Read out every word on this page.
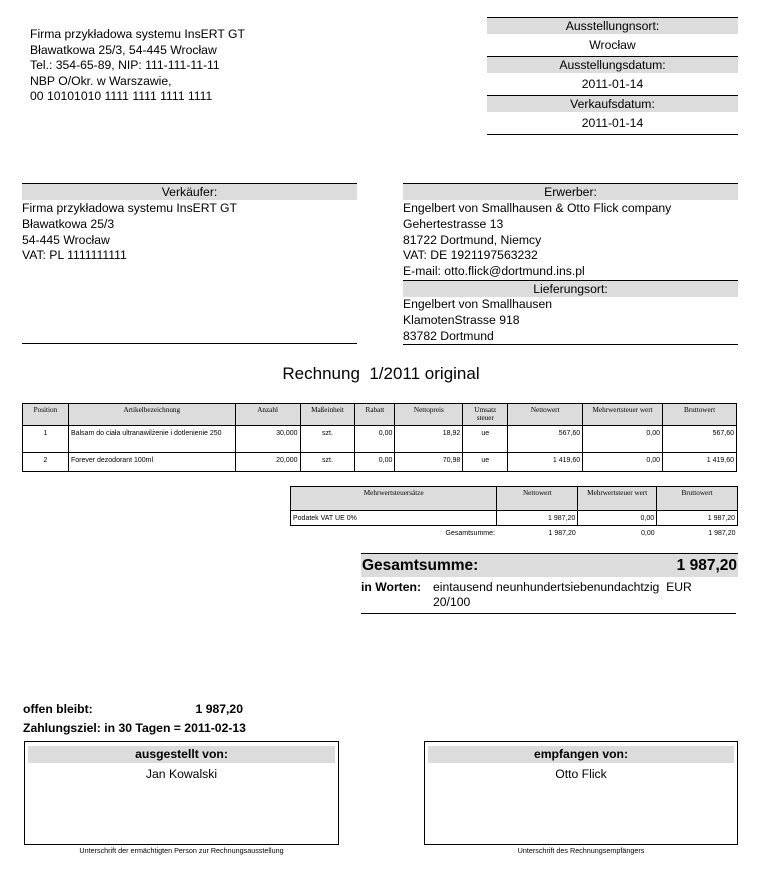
Firma przykładowa systemu InsERT GT
Bławatkowa 25/3, 54-445 Wrocław
Tel.: 354-65-89, NIP: 111-111-11-11
NBP O/Okr. w Warszawie,
00 10101010 1111 1111 1111 1111
Ausstellungnsort:
Wrocław
Ausstellungsdatum:
2011-01-14
Verkaufsdatum:
2011-01-14
Verkäufer:
Firma przykładowa systemu InsERT GT
Bławatkowa 25/3
54-445 Wrocław
VAT: PL 1111111111
Erwerber:
Engelbert von Smallhausen & Otto Flick company
Gehertestrasse 13
81722 Dortmund, Niemcy
VAT: DE 1921197563232
E-mail: otto.flick@dortmund.ins.pl
Lieferungsort:
Engelbert von Smallhausen
KlamotenStrasse 918
83782 Dortmund
Rechnung  1/2011 original
Position	Artikelbezeichnung	Anzahl	Maßeinheit	Rabatt	Nettopreis	Umsatz steuer	Nettowert	Mehrwertsteuer wert	Bruttowert
1	Balsam do ciała ultranawilżenie i dotlenienie 250	30,000	szt.	0,00	18,92	ue	567,60	0,00	567,60
2	Forever dezodorant 100ml	20,000	szt.	0,00	70,98	ue	1 419,60	0,00	1 419,60
Mehrwertsteuersätze	Nettowert	Mehrwertsteuer wert	Bruttowert
Podatek VAT UE 0%	1 987,20	0,00	1 987,20
Gesamtsumme:	1 987,20	0,00	1 987,20
Gesamtsumme:	1 987,20
in Worten: eintausend neunhundertsiebenundachtzig  EUR 20/100
offen bleibt:	1 987,20
Zahlungsziel: in 30 Tagen = 2011-02-13
ausgestellt von:
Jan Kowalski
Unterschrift der ermächtigten Person zur Rechnungsausstellung
empfangen von:
Otto Flick
Unterschrift des Rechnungsempfängers
